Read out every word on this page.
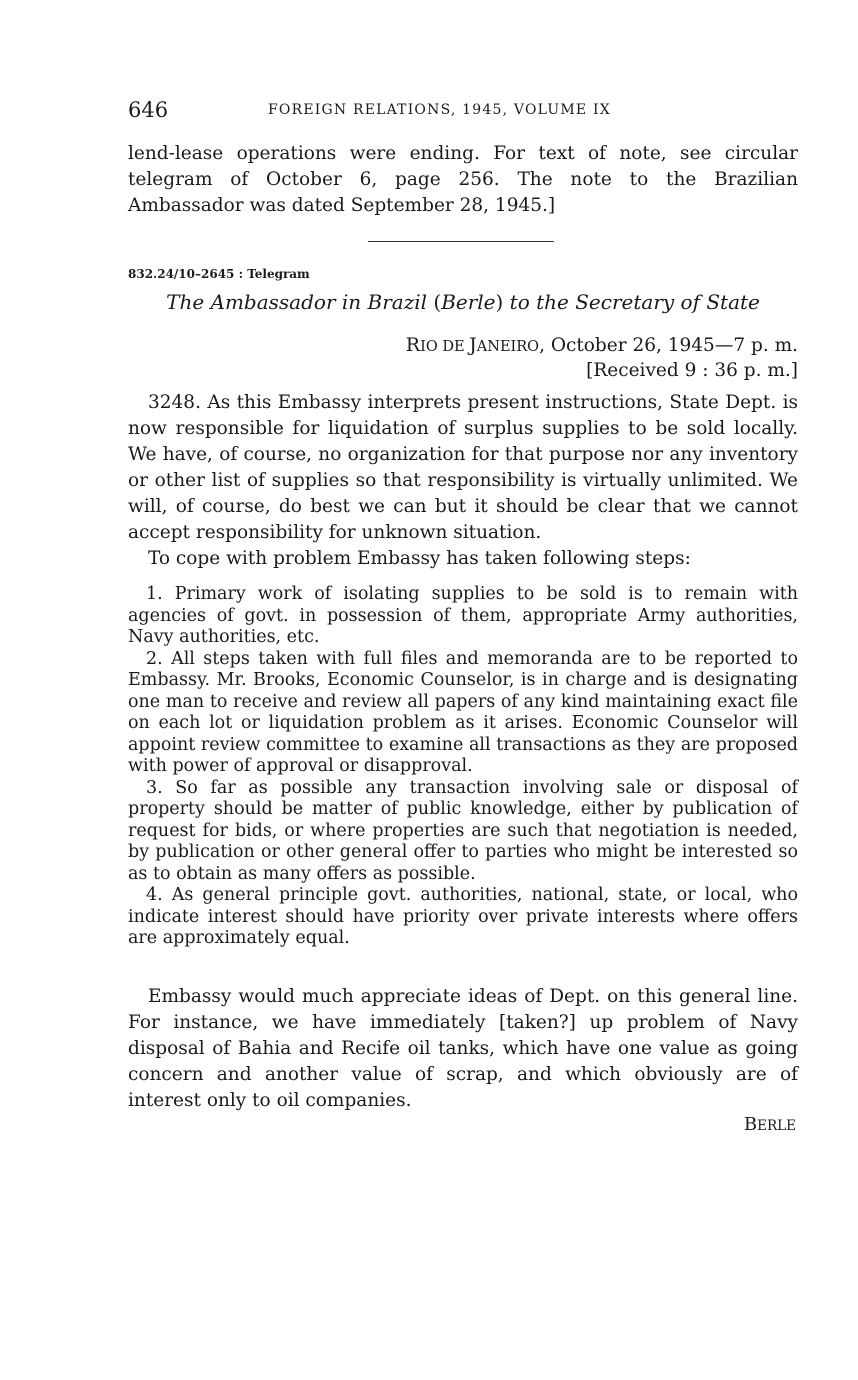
646	FOREIGN RELATIONS, 1945, VOLUME IX

lend-lease operations were ending. For text of note, see circular telegram of October 6, page 256. The note to the Brazilian Ambassador was dated September 28, 1945.]

832.24/10–2645 : Telegram
The Ambassador in Brazil (Berle) to the Secretary of State
RIO DE JANEIRO, October 26, 1945—7 p. m.
[Received 9 : 36 p. m.]

3248. As this Embassy interprets present instructions, State Dept. is now responsible for liquidation of surplus supplies to be sold locally. We have, of course, no organization for that purpose nor any inventory or other list of supplies so that responsibility is virtually unlimited. We will, of course, do best we can but it should be clear that we cannot accept responsibility for unknown situation.

To cope with problem Embassy has taken following steps:

1. Primary work of isolating supplies to be sold is to remain with agencies of govt. in possession of them, appropriate Army authorities, Navy authorities, etc.

2. All steps taken with full files and memoranda are to be reported to Embassy. Mr. Brooks, Economic Counselor, is in charge and is designating one man to receive and review all papers of any kind maintaining exact file on each lot or liquidation problem as it arises. Economic Counselor will appoint review committee to examine all transactions as they are proposed with power of approval or disapproval.

3. So far as possible any transaction involving sale or disposal of property should be matter of public knowledge, either by publication of request for bids, or where properties are such that negotiation is needed, by publication or other general offer to parties who might be interested so as to obtain as many offers as possible.

4. As general principle govt. authorities, national, state, or local, who indicate interest should have priority over private interests where offers are approximately equal.

Embassy would much appreciate ideas of Dept. on this general line. For instance, we have immediately [taken?] up problem of Navy disposal of Bahia and Recife oil tanks, which have one value as going concern and another value of scrap, and which obviously are of interest only to oil companies.

BERLE
